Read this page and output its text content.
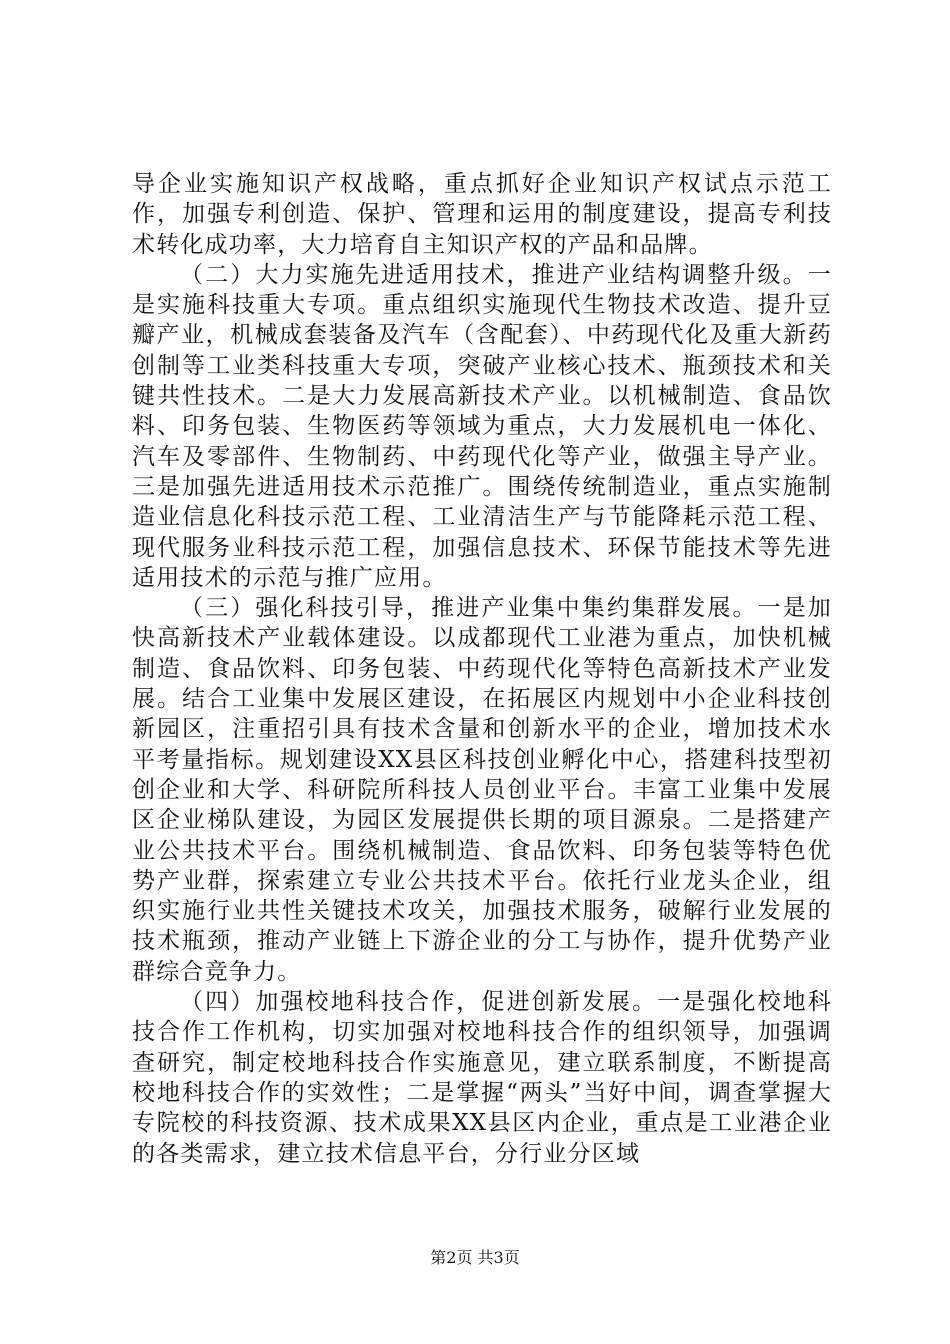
导企业实施知识产权战略，重点抓好企业知识产权试点示范工作，加强专利创造、保护、管理和运用的制度建设，提高专利技术转化成功率，大力培育自主知识产权的产品和品牌。

（二）大力实施先进适用技术，推进产业结构调整升级。一是实施科技重大专项。重点组织实施现代生物技术改造、提升豆瓣产业，机械成套装备及汽车（含配套）、中药现代化及重大新药创制等工业类科技重大专项，突破产业核心技术、瓶颈技术和关键共性技术。二是大力发展高新技术产业。以机械制造、食品饮料、印务包装、生物医药等领域为重点，大力发展机电一体化、汽车及零部件、生物制药、中药现代化等产业，做强主导产业。三是加强先进适用技术示范推广。围绕传统制造业，重点实施制造业信息化科技示范工程、工业清洁生产与节能降耗示范工程、现代服务业科技示范工程，加强信息技术、环保节能技术等先进适用技术的示范与推广应用。

（三）强化科技引导，推进产业集中集约集群发展。一是加快高新技术产业载体建设。以成都现代工业港为重点，加快机械制造、食品饮料、印务包装、中药现代化等特色高新技术产业发展。结合工业集中发展区建设，在拓展区内规划中小企业科技创新园区，注重招引具有技术含量和创新水平的企业，增加技术水平考量指标。规划建设XX县区科技创业孵化中心，搭建科技型初创企业和大学、科研院所科技人员创业平台。丰富工业集中发展区企业梯队建设，为园区发展提供长期的项目源泉。二是搭建产业公共技术平台。围绕机械制造、食品饮料、印务包装等特色优势产业群，探索建立专业公共技术平台。依托行业龙头企业，组织实施行业共性关键技术攻关，加强技术服务，破解行业发展的技术瓶颈，推动产业链上下游企业的分工与协作，提升优势产业群综合竞争力。

（四）加强校地科技合作，促进创新发展。一是强化校地科技合作工作机构，切实加强对校地科技合作的组织领导，加强调查研究，制定校地科技合作实施意见，建立联系制度，不断提高校地科技合作的实效性；二是掌握“两头”当好中间，调查掌握大专院校的科技资源、技术成果XX县区内企业，重点是工业港企业的各类需求，建立技术信息平台，分行业分区域

第2页 共3页
